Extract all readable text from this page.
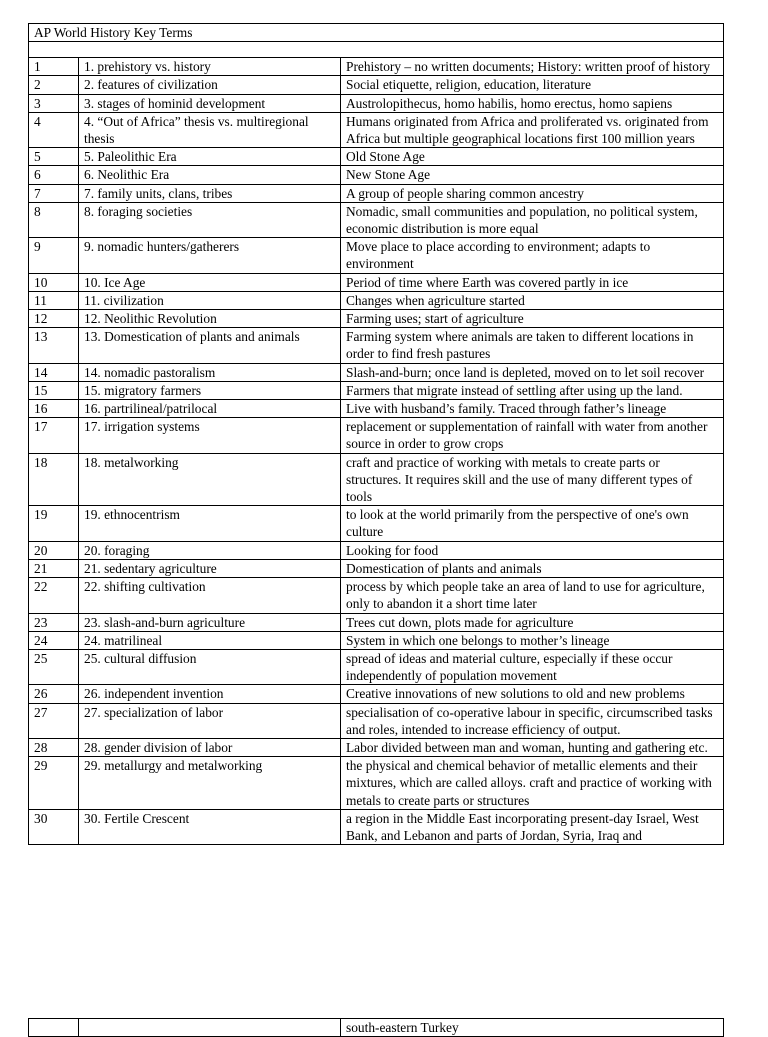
AP World History Key Terms		

1	1. prehistory vs. history	Prehistory – no written documents; History: written proof of history
2	2. features of civilization	Social etiquette, religion, education, literature
3	3. stages of hominid development	Austrolopithecus, homo habilis, homo erectus, homo sapiens
4	4. “Out of Africa” thesis vs. multiregional thesis	Humans originated from Africa and proliferated vs. originated from Africa but multiple geographical locations first 100 million years
5	5. Paleolithic Era	Old Stone Age
6	6. Neolithic Era	New Stone Age
7	7. family units, clans, tribes	A group of people sharing common ancestry
8	8. foraging societies	Nomadic, small communities and population, no political system, economic distribution is more equal
9	9. nomadic hunters/gatherers	Move place to place according to environment; adapts to environment
10	10. Ice Age	Period of time where Earth was covered partly in ice
11	11. civilization	Changes when agriculture started
12	12. Neolithic Revolution	Farming uses; start of agriculture
13	13. Domestication of plants and animals	Farming system where animals are taken to different locations in order to find fresh pastures
14	14. nomadic pastoralism	Slash-and-burn; once land is depleted, moved on to let soil recover
15	15. migratory farmers	Farmers that migrate instead of settling after using up the land.
16	16. partrilineal/patrilocal	Live with husband’s family. Traced through father’s lineage
17	17. irrigation systems	replacement or supplementation of rainfall with water from another source in order to grow crops
18	18. metalworking	craft and practice of working with metals to create parts or structures. It requires skill and the use of many different types of tools
19	19. ethnocentrism	to look at the world primarily from the perspective of one's own culture
20	20. foraging	Looking for food
21	21. sedentary agriculture	Domestication of plants and animals
22	22. shifting cultivation	process by which people take an area of land to use for agriculture, only to abandon it a short time later
23	23. slash-and-burn agriculture	Trees cut down, plots made for agriculture
24	24. matrilineal	System in which one belongs to mother’s lineage
25	25. cultural diffusion	spread of ideas and material culture, especially if these occur independently of population movement
26	26. independent invention	Creative innovations of new solutions to old and new problems
27	27. specialization of labor	specialisation of co-operative labour in specific, circumscribed tasks and roles, intended to increase efficiency of output.
28	28. gender division of labor	Labor divided between man and woman, hunting and gathering etc.
29	29. metallurgy and metalworking	the physical and chemical behavior of metallic elements and their mixtures, which are called alloys. craft and practice of working with metals to create parts or structures
30	30. Fertile Crescent	a region in the Middle East incorporating present-day Israel, West Bank, and Lebanon and parts of Jordan, Syria, Iraq and
		south-eastern Turkey
